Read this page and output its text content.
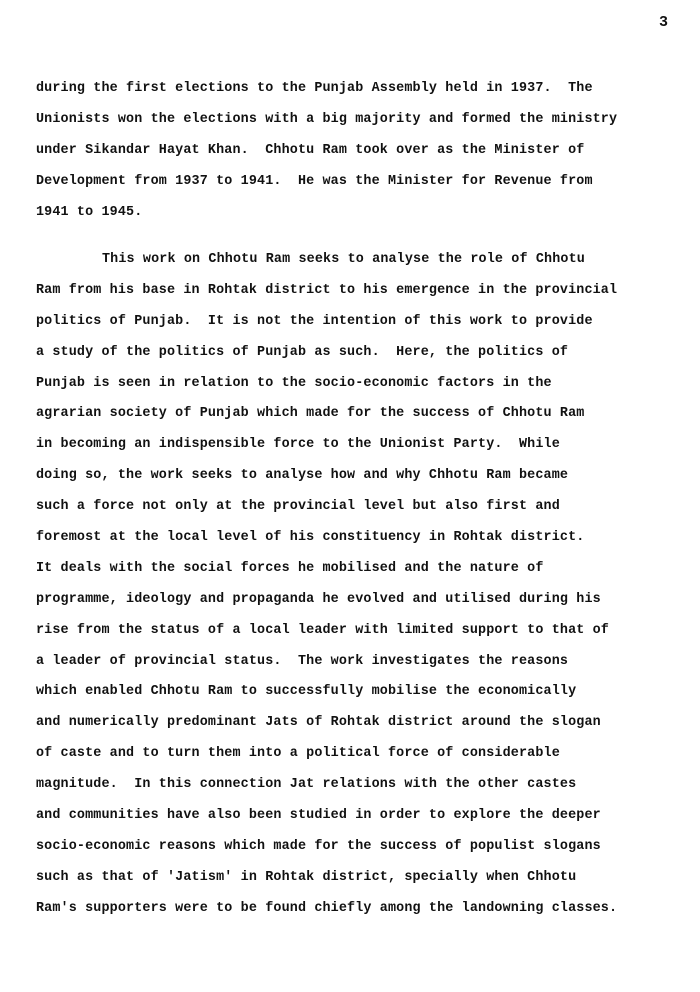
3
during the first elections to the Punjab Assembly held in 1937.  The
Unionists won the elections with a big majority and formed the ministry
under Sikandar Hayat Khan.  Chhotu Ram took over as the Minister of
Development from 1937 to 1941.  He was the Minister for Revenue from
1941 to 1945.
This work on Chhotu Ram seeks to analyse the role of Chhotu
Ram from his base in Rohtak district to his emergence in the provincial
politics of Punjab.  It is not the intention of this work to provide
a study of the politics of Punjab as such.  Here, the politics of
Punjab is seen in relation to the socio-economic factors in the
agrarian society of Punjab which made for the success of Chhotu Ram
in becoming an indispensible force to the Unionist Party.  While
doing so, the work seeks to analyse how and why Chhotu Ram became
such a force not only at the provincial level but also first and
foremost at the local level of his constituency in Rohtak district.
It deals with the social forces he mobilised and the nature of
programme, ideology and propaganda he evolved and utilised during his
rise from the status of a local leader with limited support to that of
a leader of provincial status.  The work investigates the reasons
which enabled Chhotu Ram to successfully mobilise the economically
and numerically predominant Jats of Rohtak district around the slogan
of caste and to turn them into a political force of considerable
magnitude.  In this connection Jat relations with the other castes
and communities have also been studied in order to explore the deeper
socio-economic reasons which made for the success of populist slogans
such as that of 'Jatism' in Rohtak district, specially when Chhotu
Ram's supporters were to be found chiefly among the landowning classes.
